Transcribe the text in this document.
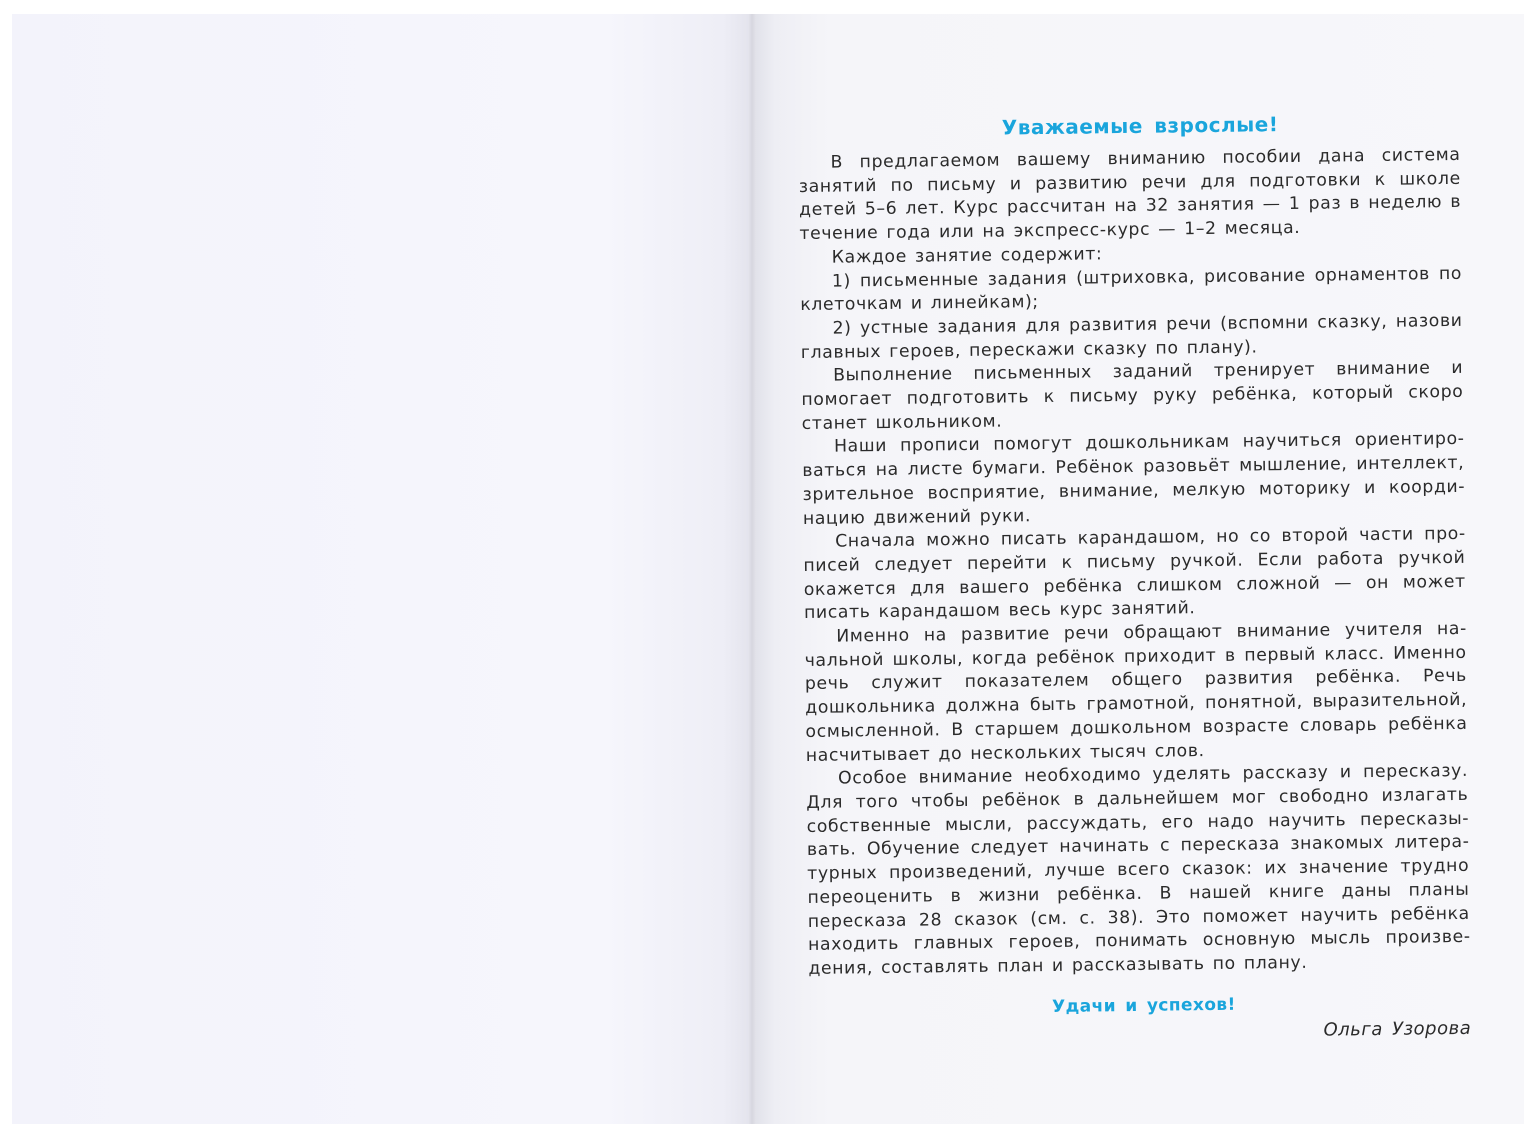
Уважаемые взрослые!

В предлагаемом вашему вниманию пособии дана система занятий по письму и развитию речи для подготовки к школе детей 5–6 лет. Курс рассчитан на 32 занятия — 1 раз в неделю в течение года или на экспресс-курс — 1–2 месяца.

Каждое занятие содержит:

1) письменные задания (штриховка, рисование орнаментов по клеточкам и линейкам);

2) устные задания для развития речи (вспомни сказку, назови главных героев, перескажи сказку по плану).

Выполнение письменных заданий тренирует внимание и помогает подготовить к письму руку ребёнка, который скоро станет школьником.

Наши прописи помогут дошкольникам научиться ориентироваться на листе бумаги. Ребёнок разовьёт мышление, интеллект, зрительное восприятие, внимание, мелкую моторику и координацию движений руки.

Сначала можно писать карандашом, но со второй части прописей следует перейти к письму ручкой. Если работа ручкой окажется для вашего ребёнка слишком сложной — он может писать карандашом весь курс занятий.

Именно на развитие речи обращают внимание учителя начальной школы, когда ребёнок приходит в первый класс. Именно речь служит показателем общего развития ребёнка. Речь дошкольника должна быть грамотной, понятной, выразительной, осмысленной. В старшем дошкольном возрасте словарь ребёнка насчитывает до нескольких тысяч слов.

Особое внимание необходимо уделять рассказу и пересказу. Для того чтобы ребёнок в дальнейшем мог свободно излагать собственные мысли, рассуждать, его надо научить пересказывать. Обучение следует начинать с пересказа знакомых литературных произведений, лучше всего сказок: их значение трудно переоценить в жизни ребёнка. В нашей книге даны планы пересказа 28 сказок (см. с. 38). Это поможет научить ребёнка находить главных героев, понимать основную мысль произведения, составлять план и рассказывать по плану.

Удачи и успехов!

Ольга Узорова
